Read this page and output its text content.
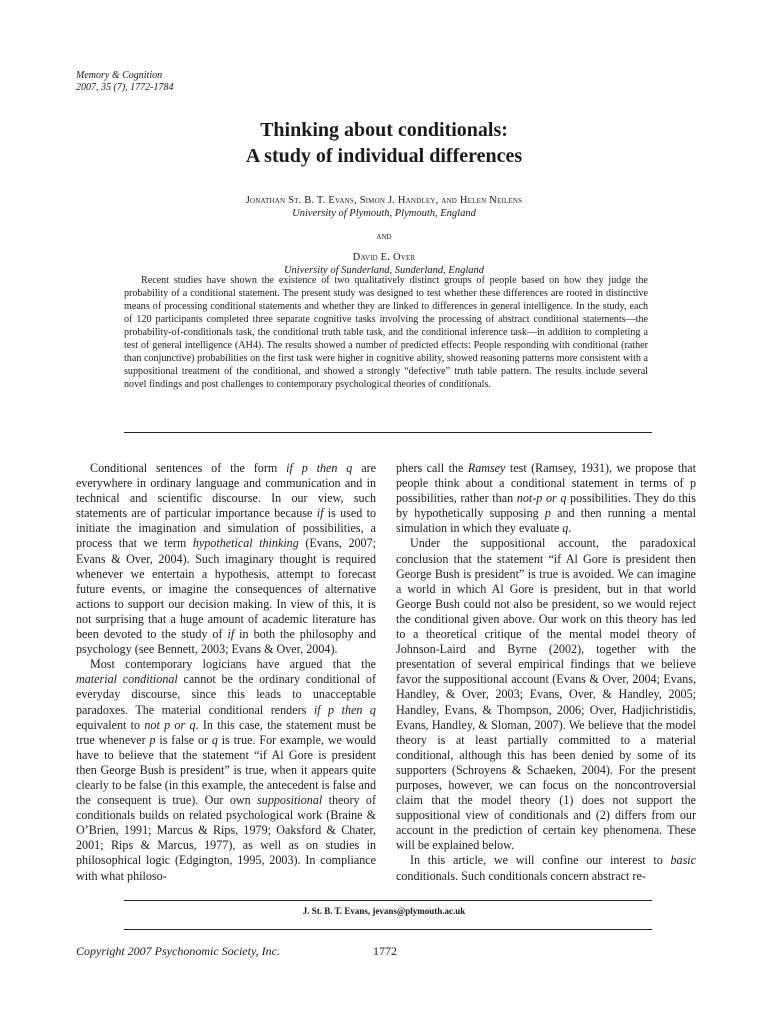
Memory & Cognition
2007, 35 (7), 1772-1784
Thinking about conditionals:
A study of individual differences
Jonathan St. B. T. Evans, Simon J. Handley, and Helen Neilens
University of Plymouth, Plymouth, England
and
David E. Over
University of Sunderland, Sunderland, England
Recent studies have shown the existence of two qualitatively distinct groups of people based on how they judge the probability of a conditional statement. The present study was designed to test whether these differences are rooted in distinctive means of processing conditional statements and whether they are linked to differences in general intelligence. In the study, each of 120 participants completed three separate cognitive tasks involving the processing of abstract conditional statements—the probability-of-conditionals task, the conditional truth table task, and the conditional inference task—in addition to completing a test of general intelligence (AH4). The results showed a number of predicted effects: People responding with conditional (rather than conjunctive) probabilities on the first task were higher in cognitive ability, showed reasoning patterns more consistent with a suppositional treatment of the conditional, and showed a strongly “defective” truth table pattern. The results include several novel findings and post challenges to contemporary psychological theories of conditionals.

Conditional sentences of the form if p then q are everywhere in ordinary language and communication and in technical and scientific discourse. In our view, such statements are of particular importance because if is used to initiate the imagination and simulation of possibilities, a process that we term hypothetical thinking (Evans, 2007; Evans & Over, 2004). Such imaginary thought is required whenever we entertain a hypothesis, attempt to forecast future events, or imagine the consequences of alternative actions to support our decision making. In view of this, it is not surprising that a huge amount of academic literature has been devoted to the study of if in both the philosophy and psychology (see Bennett, 2003; Evans & Over, 2004).

Most contemporary logicians have argued that the material conditional cannot be the ordinary conditional of everyday discourse, since this leads to unacceptable paradoxes. The material conditional renders if p then q equivalent to not p or q. In this case, the statement must be true whenever p is false or q is true. For example, we would have to believe that the statement “if Al Gore is president then George Bush is president” is true, when it appears quite clearly to be false (in this example, the antecedent is false and the consequent is true). Our own suppositional theory of conditionals builds on related psychological work (Braine & O’Brien, 1991; Marcus & Rips, 1979; Oaksford & Chater, 2001; Rips & Marcus, 1977), as well as on studies in philosophical logic (Edgington, 1995, 2003). In compliance with what philoso-

phers call the Ramsey test (Ramsey, 1931), we propose that people think about a conditional statement in terms of p possibilities, rather than not-p or q possibilities. They do this by hypothetically supposing p and then running a mental simulation in which they evaluate q.

Under the suppositional account, the paradoxical conclusion that the statement “if Al Gore is president then George Bush is president” is true is avoided. We can imagine a world in which Al Gore is president, but in that world George Bush could not also be president, so we would reject the conditional given above. Our work on this theory has led to a theoretical critique of the mental model theory of Johnson-Laird and Byrne (2002), together with the presentation of several empirical findings that we believe favor the suppositional account (Evans & Over, 2004; Evans, Handley, & Over, 2003; Evans, Over, & Handley, 2005; Handley, Evans, & Thompson, 2006; Over, Hadjichristidis, Evans, Handley, & Sloman, 2007). We believe that the model theory is at least partially committed to a material conditional, although this has been denied by some of its supporters (Schroyens & Schaeken, 2004). For the present purposes, however, we can focus on the noncontroversial claim that the model theory (1) does not support the suppositional view of conditionals and (2) differs from our account in the prediction of certain key phenomena. These will be explained below.

In this article, we will confine our interest to basic conditionals. Such conditionals concern abstract re-

J. St. B. T. Evans, jevans@plymouth.ac.uk
Copyright 2007 Psychonomic Society, Inc.	1772
